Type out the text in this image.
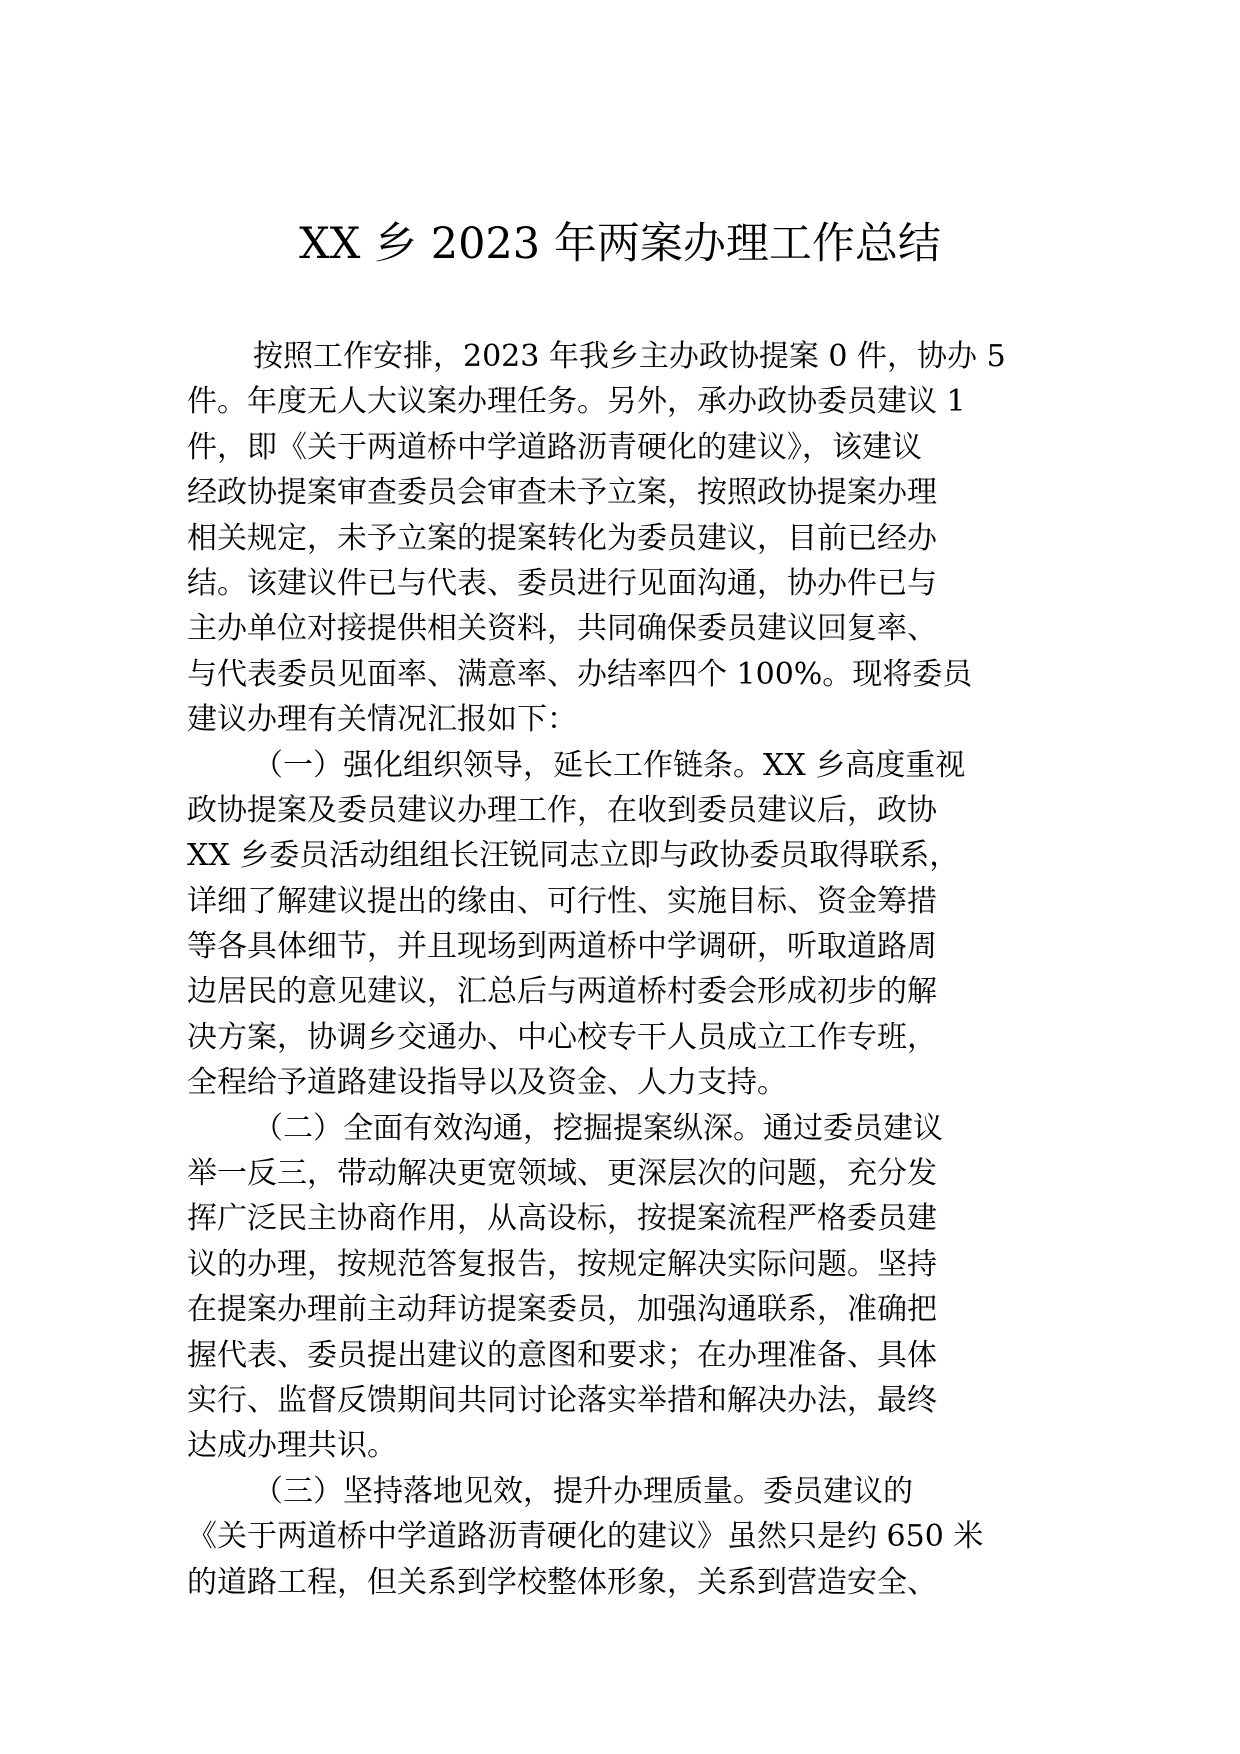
XX 乡 2023 年两案办理工作总结
按照工作安排，2023 年我乡主办政协提案 0 件，协办 5
件。年度无人大议案办理任务。另外，承办政协委员建议 1
件，即《关于两道桥中学道路沥青硬化的建议》，该建议
经政协提案审查委员会审查未予立案，按照政协提案办理
相关规定，未予立案的提案转化为委员建议，目前已经办
结。该建议件已与代表、委员进行见面沟通，协办件已与
主办单位对接提供相关资料，共同确保委员建议回复率、
与代表委员见面率、满意率、办结率四个 100%。现将委员
建议办理有关情况汇报如下：
（一）强化组织领导，延长工作链条。XX 乡高度重视
政协提案及委员建议办理工作，在收到委员建议后，政协
XX 乡委员活动组组长汪锐同志立即与政协委员取得联系，
详细了解建议提出的缘由、可行性、实施目标、资金筹措
等各具体细节，并且现场到两道桥中学调研，听取道路周
边居民的意见建议，汇总后与两道桥村委会形成初步的解
决方案，协调乡交通办、中心校专干人员成立工作专班，
全程给予道路建设指导以及资金、人力支持。
（二）全面有效沟通，挖掘提案纵深。通过委员建议
举一反三，带动解决更宽领域、更深层次的问题，充分发
挥广泛民主协商作用，从高设标，按提案流程严格委员建
议的办理，按规范答复报告，按规定解决实际问题。坚持
在提案办理前主动拜访提案委员，加强沟通联系，准确把
握代表、委员提出建议的意图和要求；在办理准备、具体
实行、监督反馈期间共同讨论落实举措和解决办法，最终
达成办理共识。
（三）坚持落地见效，提升办理质量。委员建议的
《关于两道桥中学道路沥青硬化的建议》虽然只是约 650 米
的道路工程，但关系到学校整体形象，关系到营造安全、
